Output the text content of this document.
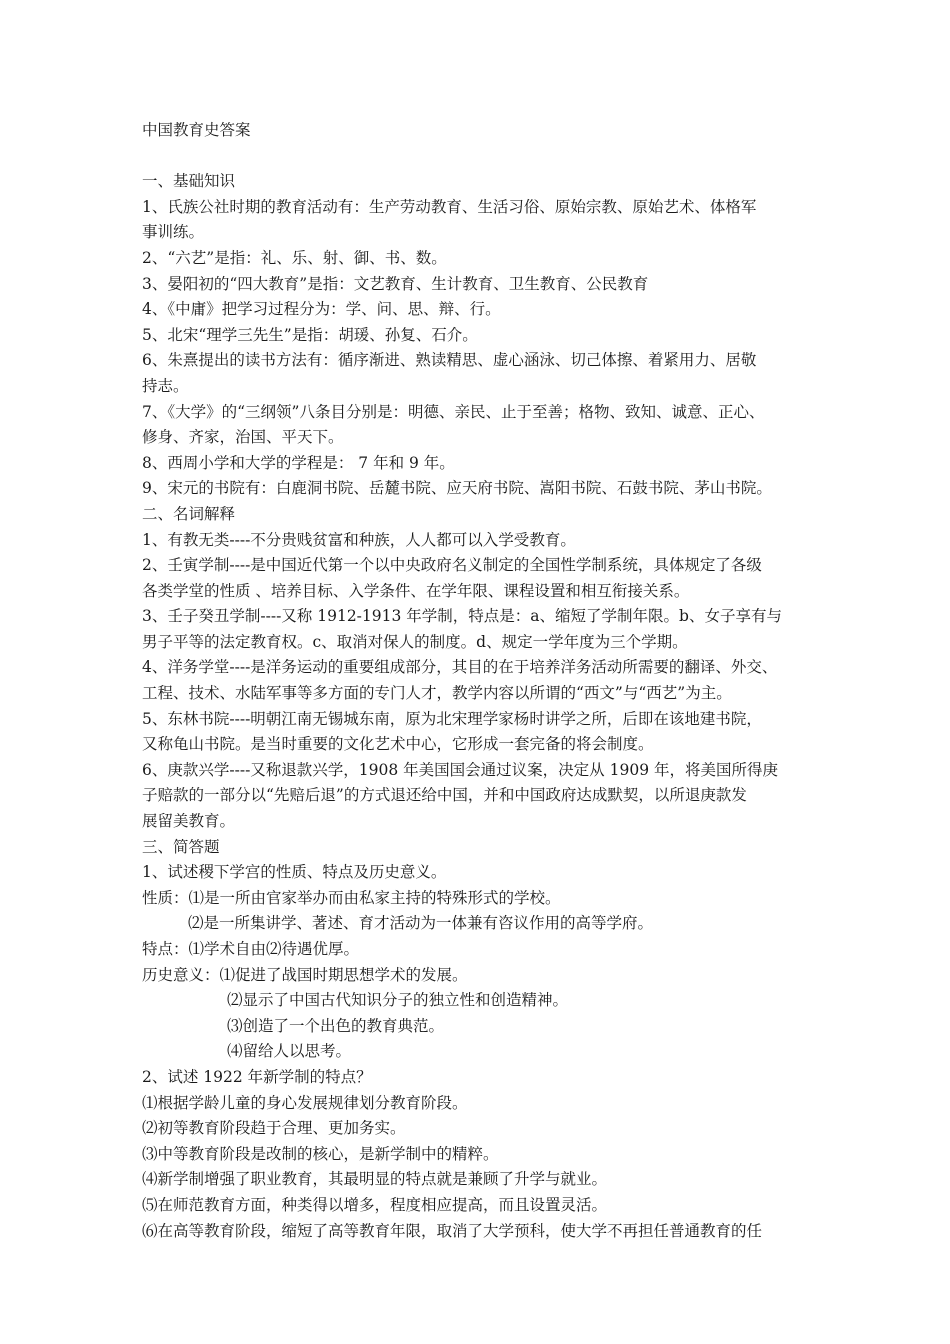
中国教育史答案
一、基础知识
1、氏族公社时期的教育活动有：生产劳动教育、生活习俗、原始宗教、原始艺术、体格军
事训练。
2、“六艺”是指：礼、乐、射、御、书、数。
3、晏阳初的“四大教育”是指：文艺教育、生计教育、卫生教育、公民教育
4、《中庸》把学习过程分为：学、问、思、辩、行。
5、北宋“理学三先生”是指：胡瑗、孙复、石介。
6、朱熹提出的读书方法有：循序渐进、熟读精思、虚心涵泳、切己体擦、着紧用力、居敬
持志。
7、《大学》的“三纲领”八条目分别是：明德、亲民、止于至善；格物、致知、诚意、正心、
修身、齐家，治国、平天下。
8、西周小学和大学的学程是： 7 年和 9 年。
9、宋元的书院有：白鹿洞书院、岳麓书院、应天府书院、嵩阳书院、石鼓书院、茅山书院。
二、名词解释
1、有教无类----不分贵贱贫富和种族，人人都可以入学受教育。
2、壬寅学制----是中国近代第一个以中央政府名义制定的全国性学制系统，具体规定了各级
各类学堂的性质 、培养目标、入学条件、在学年限、课程设置和相互衔接关系。
3、壬子癸丑学制----又称 1912-1913 年学制，特点是：a、缩短了学制年限。b、女子享有与
男子平等的法定教育权。c、取消对保人的制度。d、规定一学年度为三个学期。
4、洋务学堂----是洋务运动的重要组成部分，其目的在于培养洋务活动所需要的翻译、外交、
工程、技术、水陆军事等多方面的专门人才，教学内容以所谓的“西文”与“西艺”为主。
5、东林书院----明朝江南无锡城东南，原为北宋理学家杨时讲学之所，后即在该地建书院，
又称龟山书院。是当时重要的文化艺术中心，它形成一套完备的将会制度。
6、庚款兴学----又称退款兴学，1908 年美国国会通过议案，决定从 1909 年，将美国所得庚
子赔款的一部分以“先赔后退”的方式退还给中国，并和中国政府达成默契，以所退庚款发
展留美教育。
三、简答题
1、试述稷下学宫的性质、特点及历史意义。
性质：⑴是一所由官家举办而由私家主持的特殊形式的学校。
⑵是一所集讲学、著述、育才活动为一体兼有咨议作用的高等学府。
特点：⑴学术自由⑵待遇优厚。
历史意义：⑴促进了战国时期思想学术的发展。
⑵显示了中国古代知识分子的独立性和创造精神。
⑶创造了一个出色的教育典范。
⑷留给人以思考。
2、试述 1922 年新学制的特点？
⑴根据学龄儿童的身心发展规律划分教育阶段。
⑵初等教育阶段趋于合理、更加务实。
⑶中等教育阶段是改制的核心，是新学制中的精粹。
⑷新学制增强了职业教育，其最明显的特点就是兼顾了升学与就业。
⑸在师范教育方面，种类得以增多，程度相应提高，而且设置灵活。
⑹在高等教育阶段，缩短了高等教育年限，取消了大学预科，使大学不再担任普通教育的任
